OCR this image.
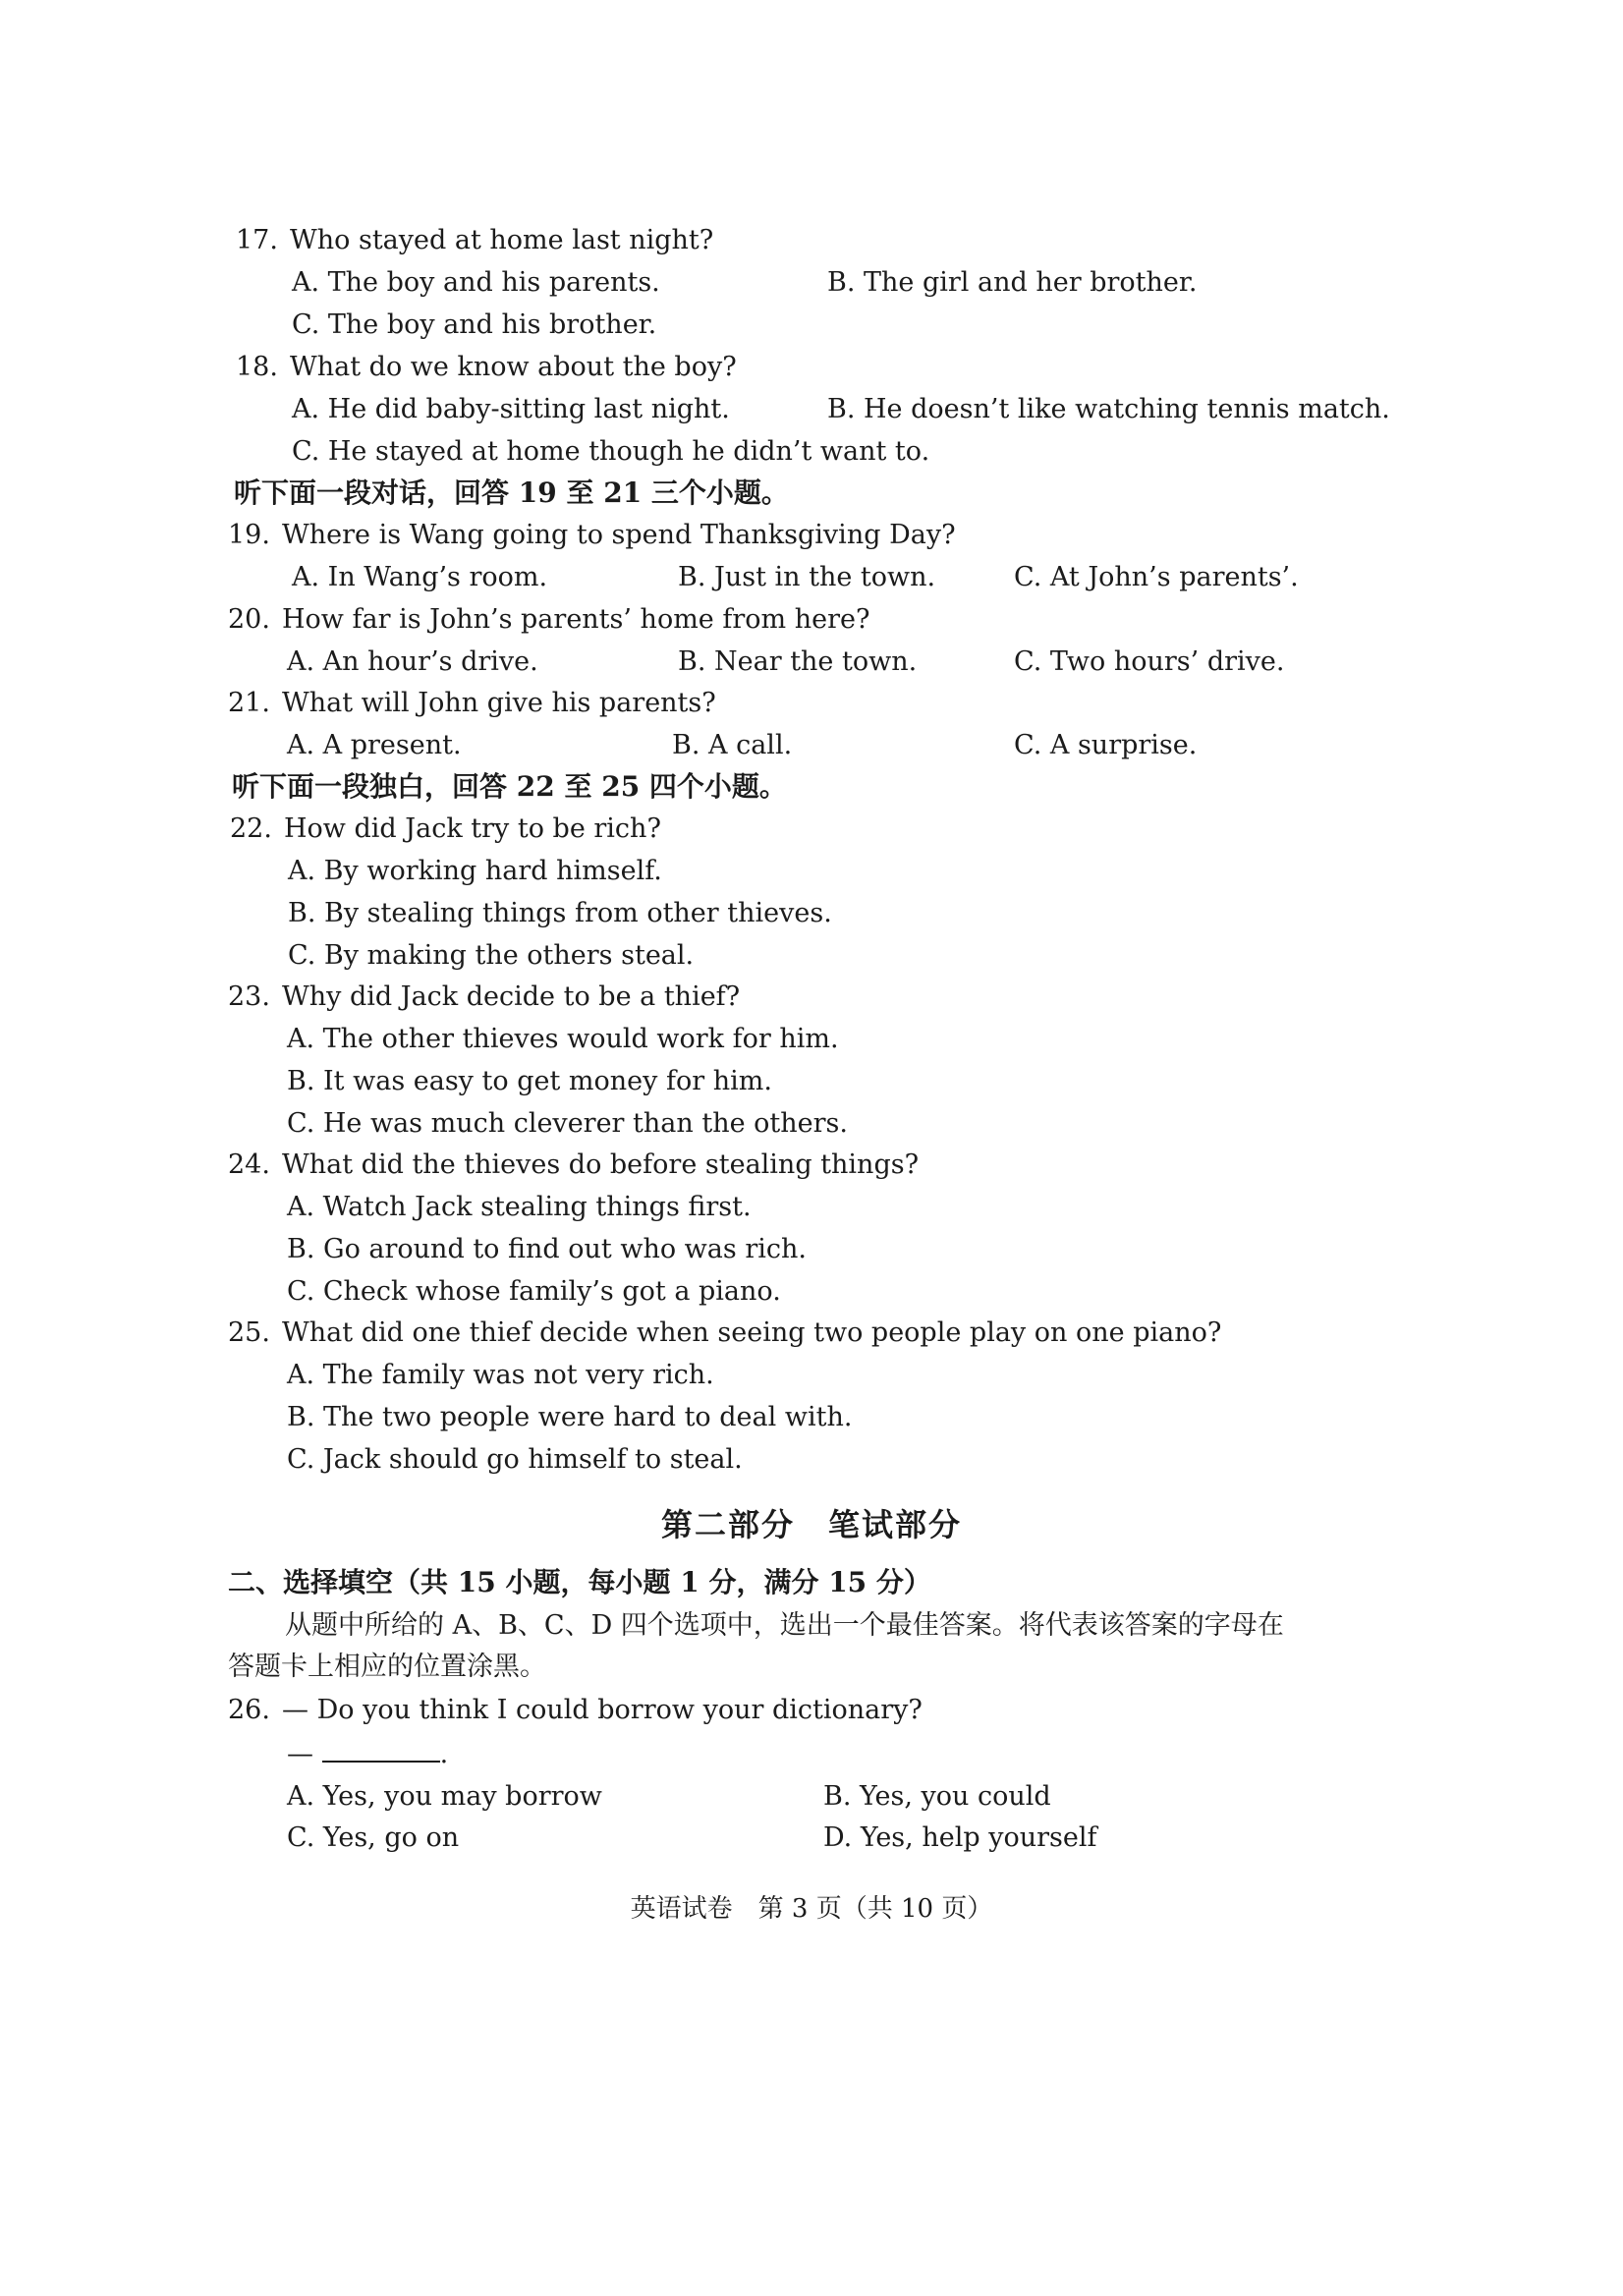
17. Who stayed at home last night?
A. The boy and his parents.	B. The girl and her brother.
C. The boy and his brother.
18. What do we know about the boy?
A. He did baby-sitting last night.	B. He doesn’t like watching tennis match.
C. He stayed at home though he didn’t want to.
听下面一段对话，回答 19 至 21 三个小题。
19. Where is Wang going to spend Thanksgiving Day?
A. In Wang’s room.	B. Just in the town.	C. At John’s parents’.
20. How far is John’s parents’ home from here?
A. An hour’s drive.	B. Near the town.	C. Two hours’ drive.
21. What will John give his parents?
A. A present.	B. A call.	C. A surprise.
听下面一段独白，回答 22 至 25 四个小题。
22. How did Jack try to be rich?
A. By working hard himself.
B. By stealing things from other thieves.
C. By making the others steal.
23. Why did Jack decide to be a thief?
A. The other thieves would work for him.
B. It was easy to get money for him.
C. He was much cleverer than the others.
24. What did the thieves do before stealing things?
A. Watch Jack stealing things first.
B. Go around to find out who was rich.
C. Check whose family’s got a piano.
25. What did one thief decide when seeing two people play on one piano?
A. The family was not very rich.
B. The two people were hard to deal with.
C. Jack should go himself to steal.
第二部分　笔试部分
二、选择填空（共 15 小题，每小题 1 分，满分 15 分）
从题中所给的 A、B、C、D 四个选项中，选出一个最佳答案。将代表该答案的字母在
答题卡上相应的位置涂黑。
26. — Do you think I could borrow your dictionary?
—	.
A. Yes, you may borrow	B. Yes, you could
C. Yes, go on	D. Yes, help yourself
英语试卷　第 3 页（共 10 页）
